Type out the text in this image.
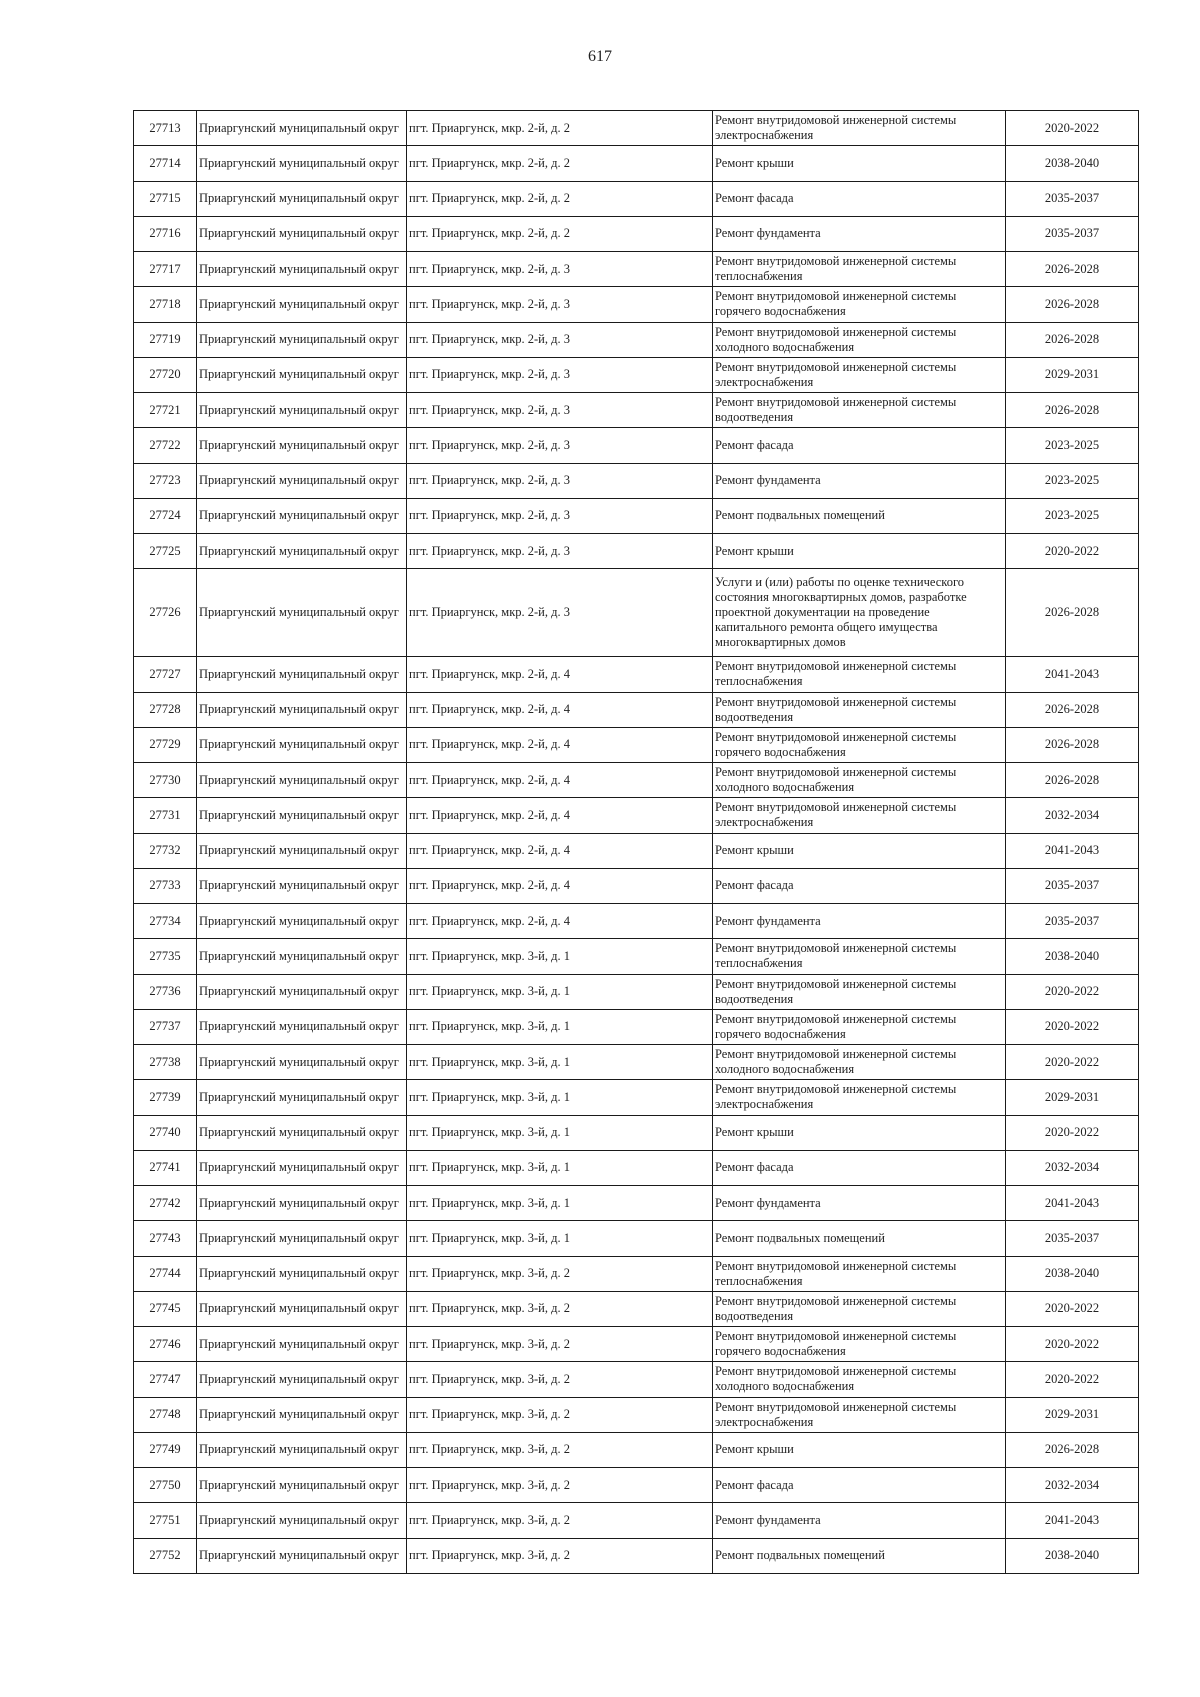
617
27713	Приаргунский муниципальный округ	пгт. Приаргунск, мкр. 2-й, д. 2	Ремонт внутридомовой инженерной системы электроснабжения	2020-2022
27714	Приаргунский муниципальный округ	пгт. Приаргунск, мкр. 2-й, д. 2	Ремонт крыши	2038-2040
27715	Приаргунский муниципальный округ	пгт. Приаргунск, мкр. 2-й, д. 2	Ремонт фасада	2035-2037
27716	Приаргунский муниципальный округ	пгт. Приаргунск, мкр. 2-й, д. 2	Ремонт фундамента	2035-2037
27717	Приаргунский муниципальный округ	пгт. Приаргунск, мкр. 2-й, д. 3	Ремонт внутридомовой инженерной системы теплоснабжения	2026-2028
27718	Приаргунский муниципальный округ	пгт. Приаргунск, мкр. 2-й, д. 3	Ремонт внутридомовой инженерной системы горячего водоснабжения	2026-2028
27719	Приаргунский муниципальный округ	пгт. Приаргунск, мкр. 2-й, д. 3	Ремонт внутридомовой инженерной системы холодного водоснабжения	2026-2028
27720	Приаргунский муниципальный округ	пгт. Приаргунск, мкр. 2-й, д. 3	Ремонт внутридомовой инженерной системы электроснабжения	2029-2031
27721	Приаргунский муниципальный округ	пгт. Приаргунск, мкр. 2-й, д. 3	Ремонт внутридомовой инженерной системы водоотведения	2026-2028
27722	Приаргунский муниципальный округ	пгт. Приаргунск, мкр. 2-й, д. 3	Ремонт фасада	2023-2025
27723	Приаргунский муниципальный округ	пгт. Приаргунск, мкр. 2-й, д. 3	Ремонт фундамента	2023-2025
27724	Приаргунский муниципальный округ	пгт. Приаргунск, мкр. 2-й, д. 3	Ремонт подвальных помещений	2023-2025
27725	Приаргунский муниципальный округ	пгт. Приаргунск, мкр. 2-й, д. 3	Ремонт крыши	2020-2022
27726	Приаргунский муниципальный округ	пгт. Приаргунск, мкр. 2-й, д. 3	Услуги и (или) работы по оценке технического состояния многоквартирных домов, разработке проектной документации на проведение капитального ремонта общего имущества многоквартирных домов	2026-2028
27727	Приаргунский муниципальный округ	пгт. Приаргунск, мкр. 2-й, д. 4	Ремонт внутридомовой инженерной системы теплоснабжения	2041-2043
27728	Приаргунский муниципальный округ	пгт. Приаргунск, мкр. 2-й, д. 4	Ремонт внутридомовой инженерной системы водоотведения	2026-2028
27729	Приаргунский муниципальный округ	пгт. Приаргунск, мкр. 2-й, д. 4	Ремонт внутридомовой инженерной системы горячего водоснабжения	2026-2028
27730	Приаргунский муниципальный округ	пгт. Приаргунск, мкр. 2-й, д. 4	Ремонт внутридомовой инженерной системы холодного водоснабжения	2026-2028
27731	Приаргунский муниципальный округ	пгт. Приаргунск, мкр. 2-й, д. 4	Ремонт внутридомовой инженерной системы электроснабжения	2032-2034
27732	Приаргунский муниципальный округ	пгт. Приаргунск, мкр. 2-й, д. 4	Ремонт крыши	2041-2043
27733	Приаргунский муниципальный округ	пгт. Приаргунск, мкр. 2-й, д. 4	Ремонт фасада	2035-2037
27734	Приаргунский муниципальный округ	пгт. Приаргунск, мкр. 2-й, д. 4	Ремонт фундамента	2035-2037
27735	Приаргунский муниципальный округ	пгт. Приаргунск, мкр. 3-й, д. 1	Ремонт внутридомовой инженерной системы теплоснабжения	2038-2040
27736	Приаргунский муниципальный округ	пгт. Приаргунск, мкр. 3-й, д. 1	Ремонт внутридомовой инженерной системы водоотведения	2020-2022
27737	Приаргунский муниципальный округ	пгт. Приаргунск, мкр. 3-й, д. 1	Ремонт внутридомовой инженерной системы горячего водоснабжения	2020-2022
27738	Приаргунский муниципальный округ	пгт. Приаргунск, мкр. 3-й, д. 1	Ремонт внутридомовой инженерной системы холодного водоснабжения	2020-2022
27739	Приаргунский муниципальный округ	пгт. Приаргунск, мкр. 3-й, д. 1	Ремонт внутридомовой инженерной системы электроснабжения	2029-2031
27740	Приаргунский муниципальный округ	пгт. Приаргунск, мкр. 3-й, д. 1	Ремонт крыши	2020-2022
27741	Приаргунский муниципальный округ	пгт. Приаргунск, мкр. 3-й, д. 1	Ремонт фасада	2032-2034
27742	Приаргунский муниципальный округ	пгт. Приаргунск, мкр. 3-й, д. 1	Ремонт фундамента	2041-2043
27743	Приаргунский муниципальный округ	пгт. Приаргунск, мкр. 3-й, д. 1	Ремонт подвальных помещений	2035-2037
27744	Приаргунский муниципальный округ	пгт. Приаргунск, мкр. 3-й, д. 2	Ремонт внутридомовой инженерной системы теплоснабжения	2038-2040
27745	Приаргунский муниципальный округ	пгт. Приаргунск, мкр. 3-й, д. 2	Ремонт внутридомовой инженерной системы водоотведения	2020-2022
27746	Приаргунский муниципальный округ	пгт. Приаргунск, мкр. 3-й, д. 2	Ремонт внутридомовой инженерной системы горячего водоснабжения	2020-2022
27747	Приаргунский муниципальный округ	пгт. Приаргунск, мкр. 3-й, д. 2	Ремонт внутридомовой инженерной системы холодного водоснабжения	2020-2022
27748	Приаргунский муниципальный округ	пгт. Приаргунск, мкр. 3-й, д. 2	Ремонт внутридомовой инженерной системы электроснабжения	2029-2031
27749	Приаргунский муниципальный округ	пгт. Приаргунск, мкр. 3-й, д. 2	Ремонт крыши	2026-2028
27750	Приаргунский муниципальный округ	пгт. Приаргунск, мкр. 3-й, д. 2	Ремонт фасада	2032-2034
27751	Приаргунский муниципальный округ	пгт. Приаргунск, мкр. 3-й, д. 2	Ремонт фундамента	2041-2043
27752	Приаргунский муниципальный округ	пгт. Приаргунск, мкр. 3-й, д. 2	Ремонт подвальных помещений	2038-2040
